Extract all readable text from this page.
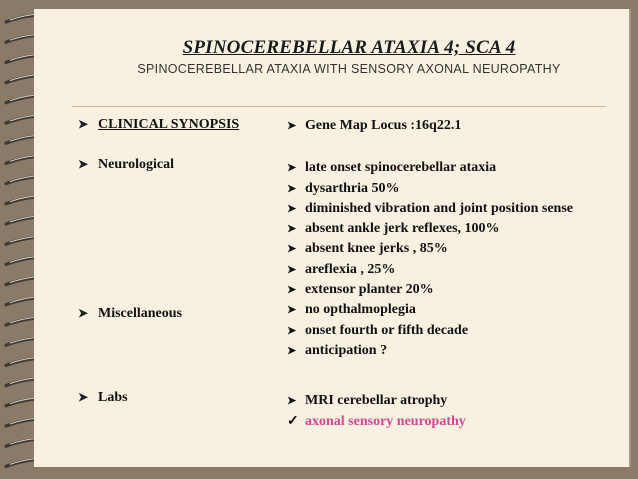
SPINOCEREBELLAR ATAXIA 4; SCA 4
SPINOCEREBELLAR ATAXIA WITH SENSORY AXONAL NEUROPATHY
➤ CLINICAL SYNOPSIS
➤ Neurological
➤ Miscellaneous
➤ Labs
➤ Gene Map Locus :16q22.1
➤ late onset spinocerebellar ataxia
➤ dysarthria 50%
➤ diminished vibration and joint position sense
➤ absent ankle jerk reflexes, 100%
➤ absent knee jerks , 85%
➤ areflexia , 25%
➤ extensor planter 20%
➤ no opthalmoplegia
➤ onset fourth or fifth decade
➤ anticipation ?
➤ MRI cerebellar atrophy
✓ axonal sensory neuropathy
